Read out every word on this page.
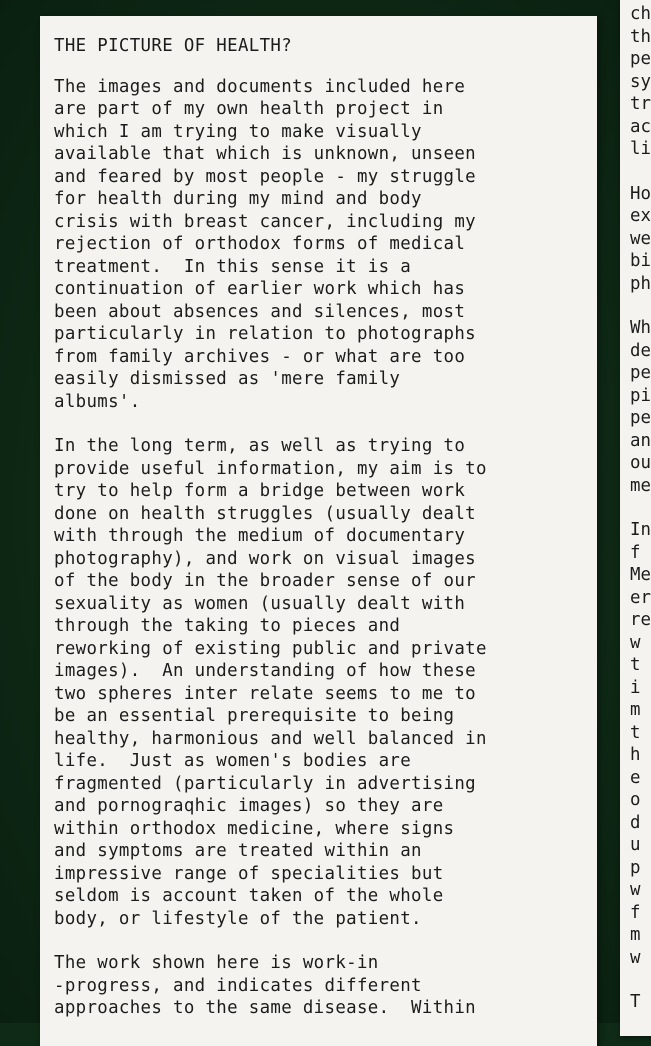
THE PICTURE OF HEALTH?
The images and documents included here
are part of my own health project in
which I am trying to make visually
available that which is unknown, unseen
and feared by most people - my struggle
for health during my mind and body
crisis with breast cancer, including my
rejection of orthodox forms of medical
treatment.  In this sense it is a
continuation of earlier work which has
been about absences and silences, most
particularly in relation to photographs
from family archives - or what are too
easily dismissed as 'mere family
albums'.
In the long term, as well as trying to
provide useful information, my aim is to
try to help form a bridge between work
done on health struggles (usually dealt
with through the medium of documentary
photography), and work on visual images
of the body in the broader sense of our
sexuality as women (usually dealt with
through the taking to pieces and
reworking of existing public and private
images).  An understanding of how these
two spheres inter relate seems to me to
be an essential prerequisite to being
healthy, harmonious and well balanced in
life.  Just as women's bodies are
fragmented (particularly in advertising
and pornograqhic images) so they are
within orthodox medicine, where signs
and symptoms are treated within an
impressive range of specialities but
seldom is account taken of the whole
body, or lifestyle of the patient.
The work shown here is work-in
-progress, and indicates different
approaches to the same disease.  Within
ch
th
pe
sy
tr
ac
li
Ho
ex
we
bi
ph
Wh
de
pe
pi
pe
an
ou
me
In
f
Me
er
re
w
t
i
m
t
h
e
o
d
u
p
w
f
m
w
T
